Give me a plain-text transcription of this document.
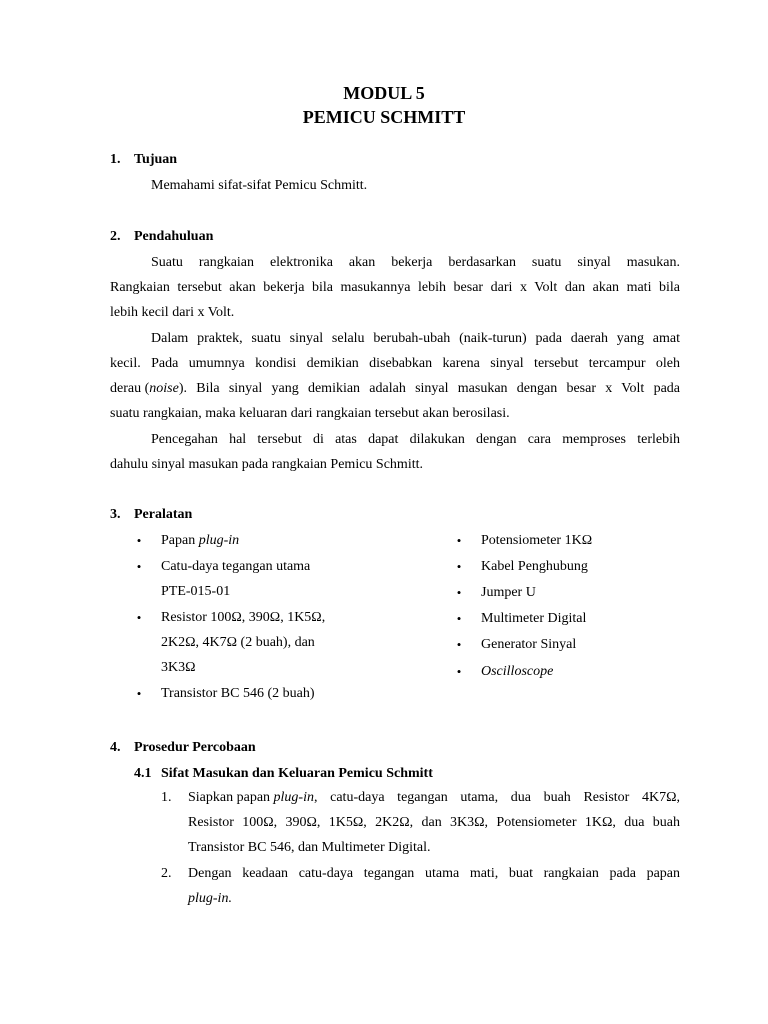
MODUL 5
PEMICU SCHMITT
1. Tujuan
Memahami sifat-sifat Pemicu Schmitt.
2. Pendahuluan
Suatu rangkaian elektronika akan bekerja berdasarkan suatu sinyal masukan.
Rangkaian tersebut akan bekerja bila masukannya lebih besar dari x Volt dan akan mati bila
lebih kecil dari x Volt.
Dalam praktek, suatu sinyal selalu berubah-ubah (naik-turun) pada daerah yang amat
kecil. Pada umumnya kondisi demikian disebabkan karena sinyal tersebut tercampur oleh
derau (noise ). Bila sinyal yang demikian adalah sinyal masukan dengan besar x Volt pada
suatu rangkaian, maka keluaran dari rangkaian tersebut akan berosilasi.
Pencegahan hal tersebut di atas dapat dilakukan dengan cara memproses terlebih
dahulu sinyal masukan pada rangkaian Pemicu Schmitt.
3. Peralatan
• Papan plug-in
• Catu-daya tegangan utama
PTE-015-01
• Resistor 100Ω, 390Ω, 1K5Ω,
2K2Ω, 4K7Ω (2 buah), dan
3K3Ω
• Transistor BC 546 (2 buah)
• Potensiometer 1KΩ
• Kabel Penghubung
• Jumper U
• Multimeter Digital
• Generator Sinyal
• Oscilloscope
4. Prosedur Percobaan
4.1 Sifat Masukan dan Keluaran Pemicu Schmitt
1. Siapkan papan plug-in , catu-daya tegangan utama, dua buah Resistor 4K7Ω,
Resistor 100Ω, 390Ω, 1K5Ω, 2K2Ω, dan 3K3Ω, Potensiometer 1KΩ, dua buah
Transistor BC 546, dan Multimeter Digital.
2. Dengan keadaan catu-daya tegangan utama mati, buat rangkaian pada papan
plug-in.
